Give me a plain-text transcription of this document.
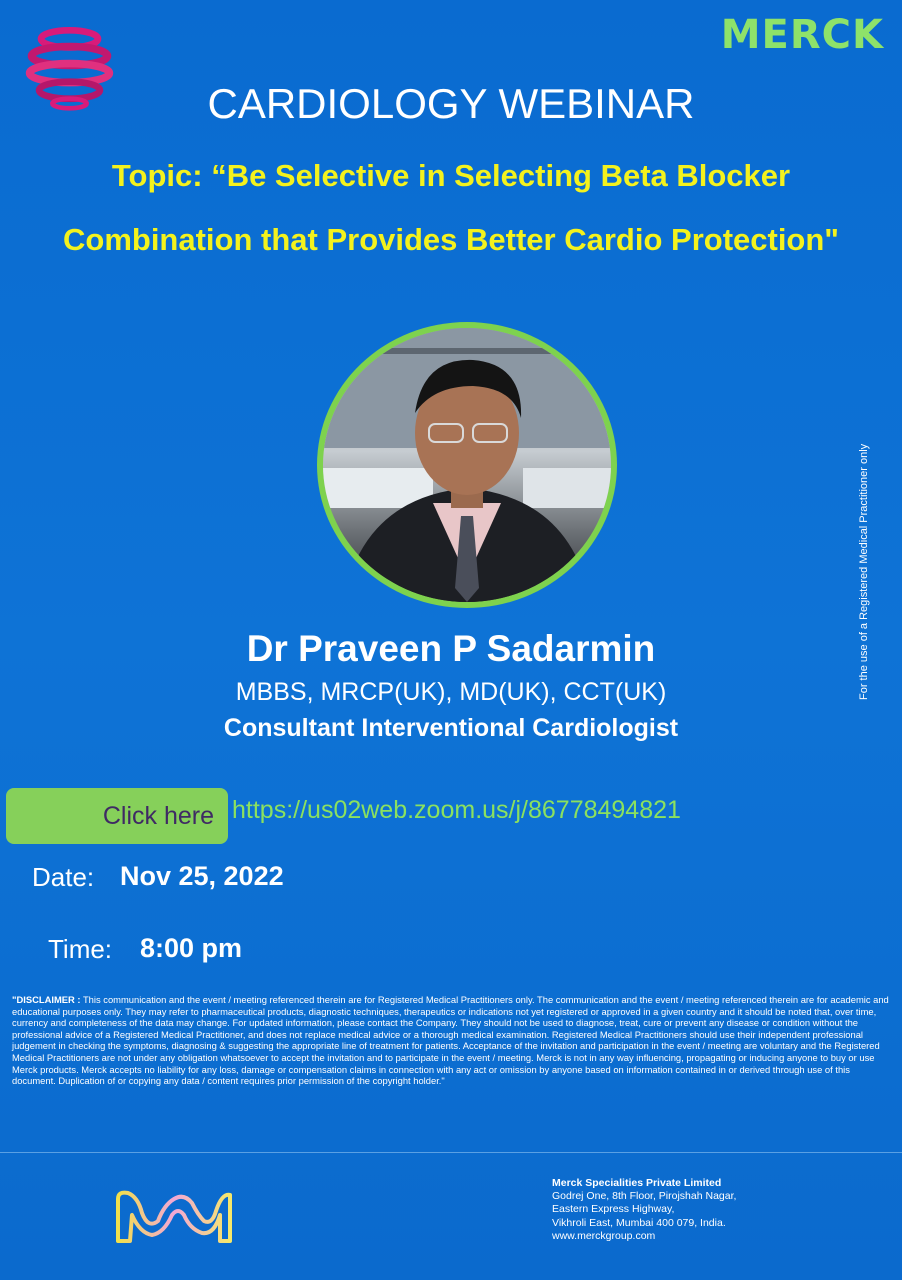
MERCK
CARDIOLOGY WEBINAR
Topic: “Be Selective in Selecting Beta Blocker
Combination that Provides Better Cardio Protection"
For the use of a Registered Medical Practitioner only
Dr Praveen P Sadarmin
MBBS, MRCP(UK), MD(UK), CCT(UK)
Consultant Interventional Cardiologist
Click here https://us02web.zoom.us/j/86778494821
Date: Nov 25, 2022
Time: 8:00 pm
"DISCLAIMER : This communication and the event / meeting referenced therein are for Registered Medical Practitioners only. The communication and the event / meeting referenced therein are for academic and educational purposes only. They may refer to pharmaceutical products, diagnostic techniques, therapeutics or indications not yet registered or approved in a given country and it should be noted that, over time, currency and completeness of the data may change. For updated information, please contact the Company. They should not be used to diagnose, treat, cure or prevent any disease or condition without the professional advice of a Registered Medical Practitioner, and does not replace medical advice or a thorough medical examination. Registered Medical Practitioners should use their independent professional judgement in checking the symptoms, diagnosing & suggesting the appropriate line of treatment for patients. Acceptance of the invitation and participation in the event / meeting are voluntary and the Registered Medical Practitioners are not under any obligation whatsoever to accept the invitation and to participate in the event / meeting. Merck is not in any way influencing, propagating or inducing anyone to buy or use Merck products. Merck accepts no liability for any loss, damage or compensation claims in connection with any act or omission by anyone based on information contained in or derived through use of this document. Duplication of or copying any data / content requires prior permission of the copyright holder."
Merck Specialities Private Limited
Godrej One, 8th Floor, Pirojshah Nagar,
Eastern Express Highway,
Vikhroli East, Mumbai 400 079, India.
www.merckgroup.com
